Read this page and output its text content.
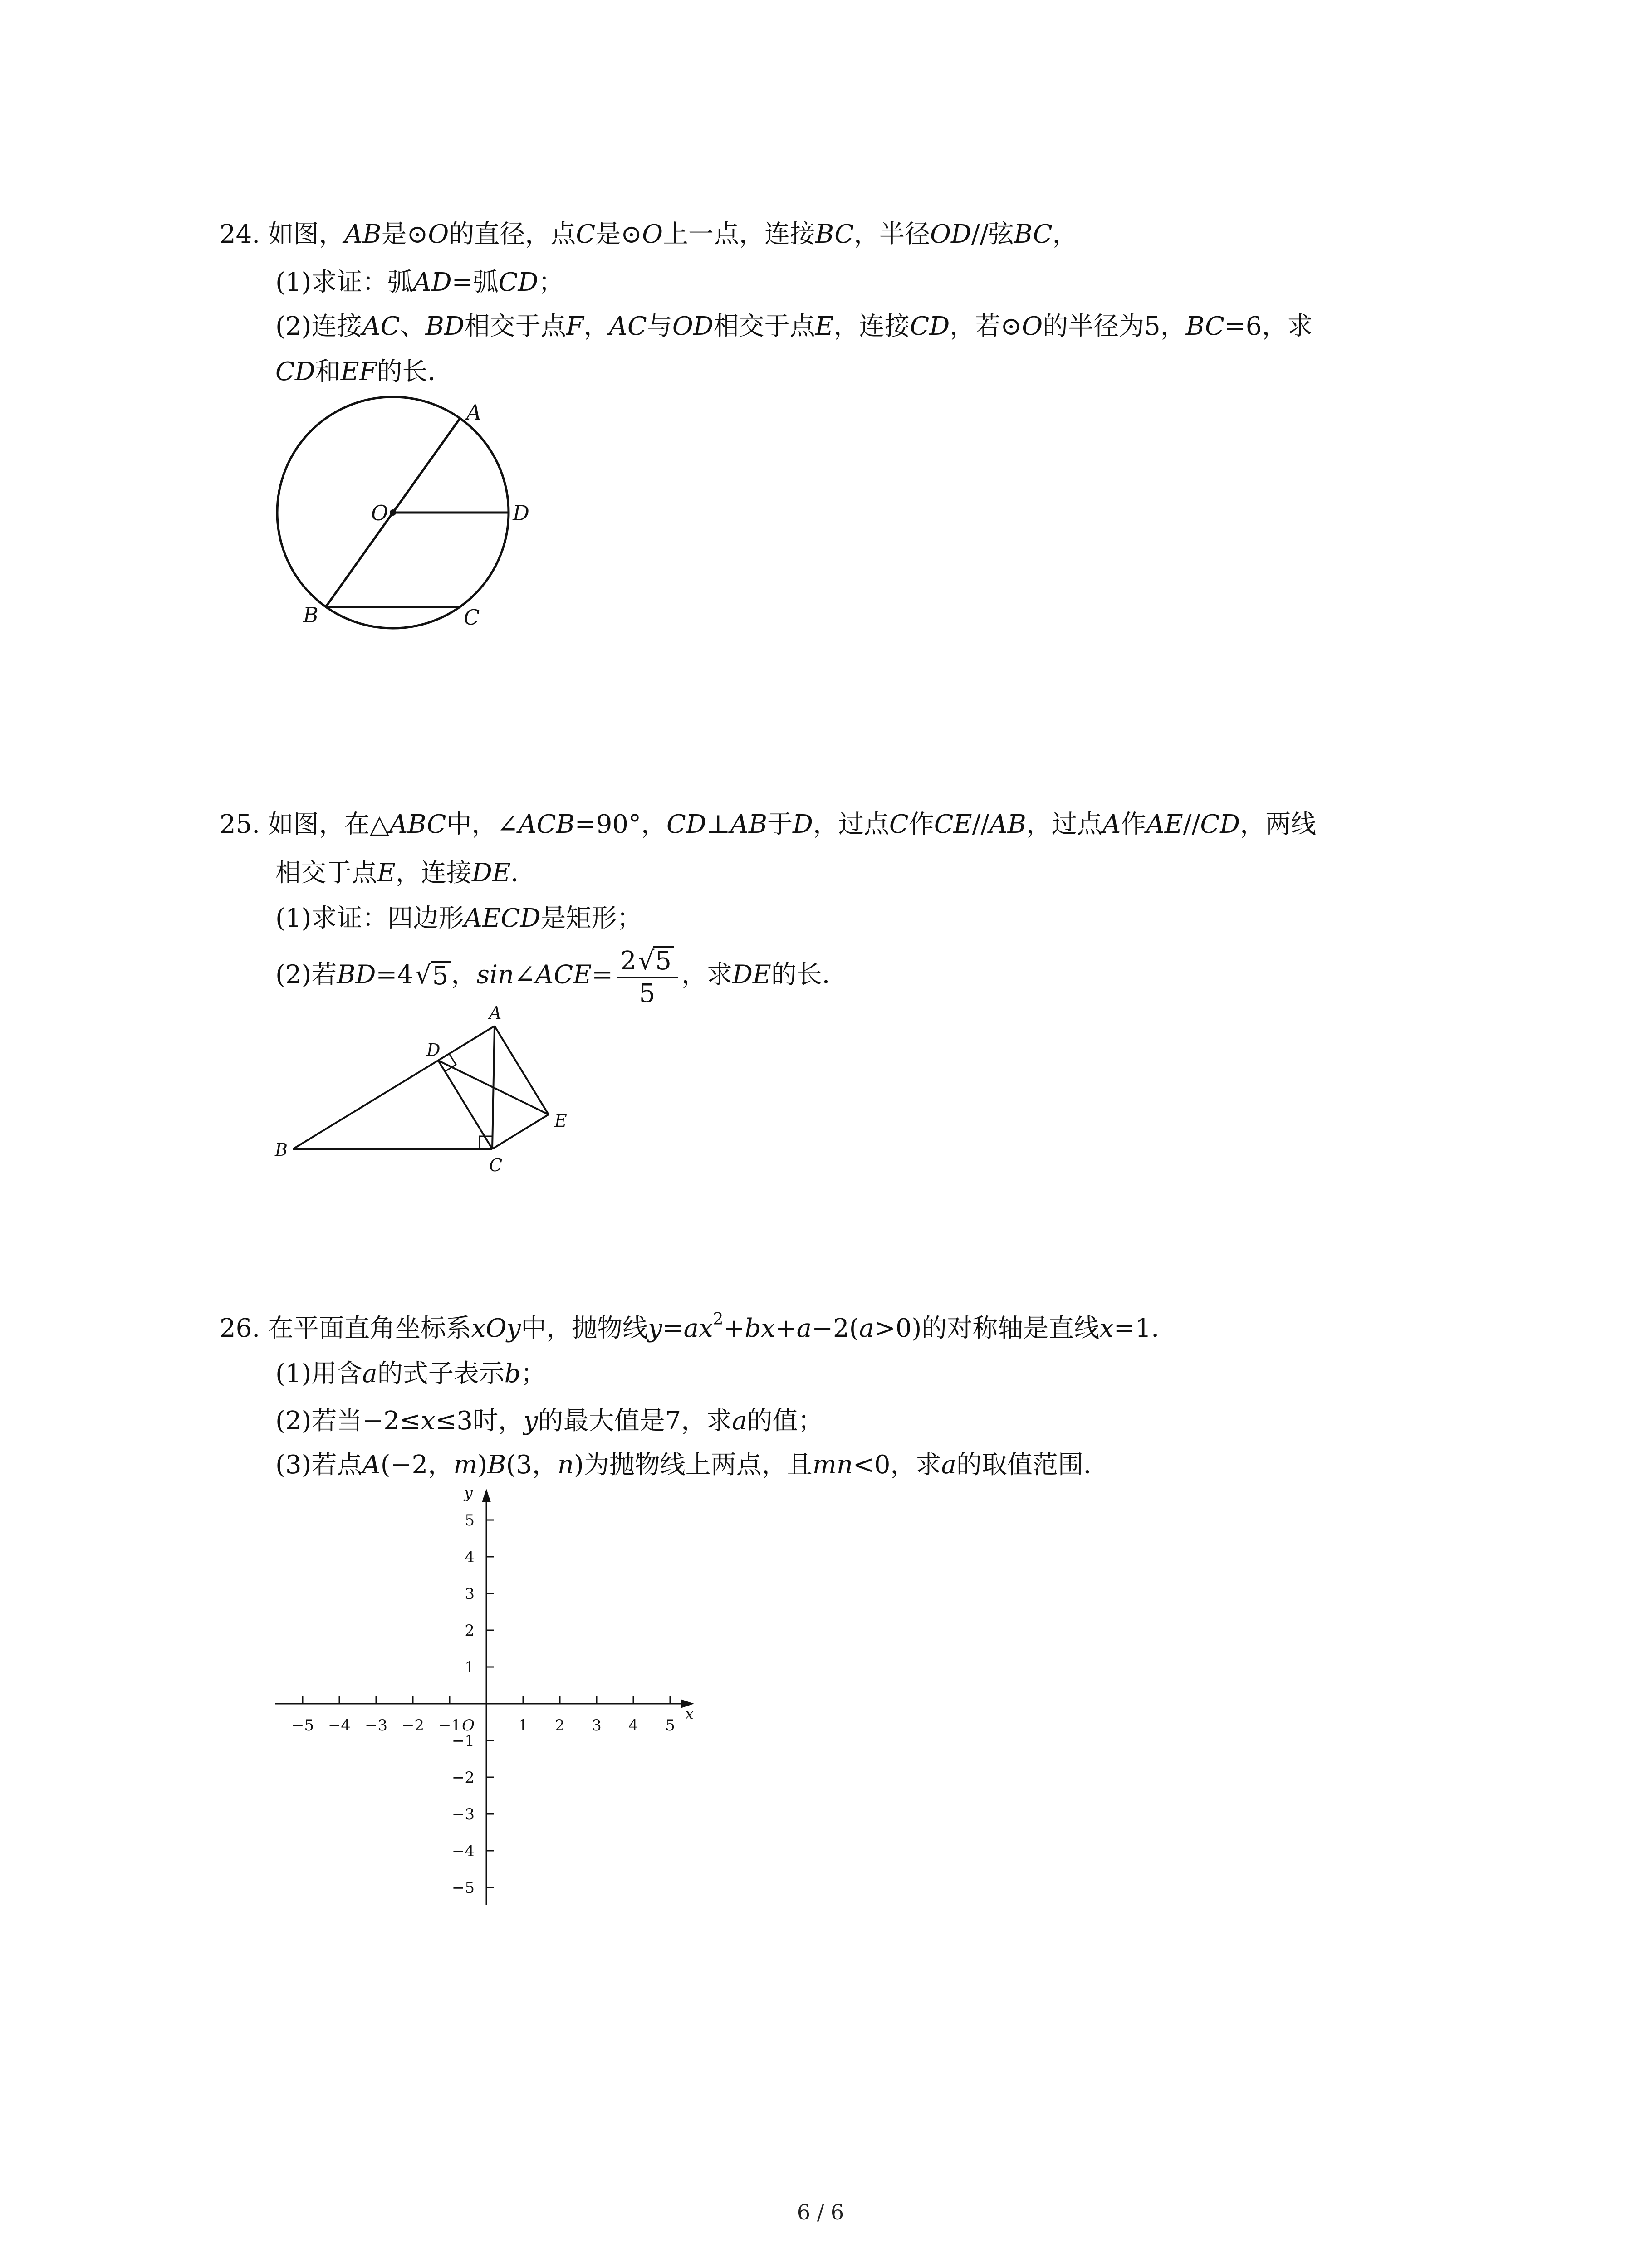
24. 如图，AB是⊙O的直径，点C是⊙O上一点，连接BC，半径OD//弦BC，
(1)求证：弧AD=弧CD；
(2)连接AC、BD相交于点F，AC与OD相交于点E，连接CD，若⊙O的半径为5，BC=6，求
CD和EF的长．
25. 如图，在△ABC中，∠ACB=90°，CD⊥AB于D，过点C作CE//AB，过点A作AE//CD，两线
相交于点E，连接DE．
(1)求证：四边形AECD是矩形；
(2)若BD=4 √ 5 ，sin∠ACE= $\frac{2 √ 5}{5}$ ，求DE的长．
26. 在平面直角坐标系xOy中，抛物线$y=ax^2+bx+a-2(a>0)$的对称轴是直线x=1．
(1)用含a的式子表示b；
(2)若当−2≤x≤3时，y的最大值是7，求a的值；
(3)若点A(−2，m)B(3，n)为抛物线上两点，且mn<0，求a的取值范围．
A
O	D
B	C
A
D
E
B
C
−5 −4 −3 −2 −1	1 2 3 4 5
5
4
3
2
1
−1
−2
−3
−4
−5
x
y
O
6 / 6
